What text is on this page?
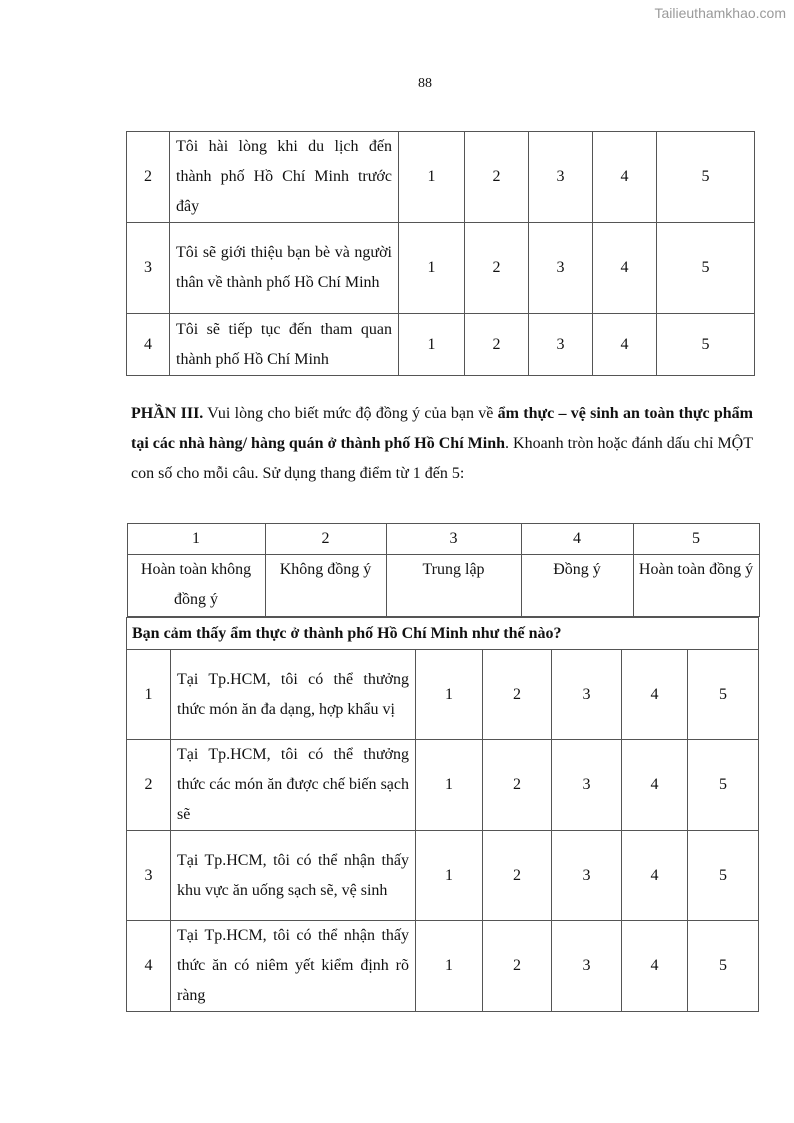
Tailieuthamkhao.com
88
2	Tôi hài lòng khi du lịch đến thành phố Hồ Chí Minh trước đây	1	2	3	4	5
3	Tôi sẽ giới thiệu bạn bè và người thân về thành phố Hồ Chí Minh	1	2	3	4	5
4	Tôi sẽ tiếp tục đến tham quan thành phố Hồ Chí Minh	1	2	3	4	5
PHẦN III. Vui lòng cho biết mức độ đồng ý của bạn về ẩm thực – vệ sinh an toàn thực phẩm tại các nhà hàng/ hàng quán ở thành phố Hồ Chí Minh. Khoanh tròn hoặc đánh dấu chỉ MỘT con số cho mỗi câu. Sử dụng thang điểm từ 1 đến 5:
1	2	3	4	5
Hoàn toàn không đồng ý	Không đồng ý	Trung lập	Đồng ý	Hoàn toàn đồng ý

Bạn cảm thấy ẩm thực ở thành phố Hồ Chí Minh như thế nào?
1	Tại Tp.HCM, tôi có thể thưởng thức món ăn đa dạng, hợp khẩu vị	1	2	3	4	5
2	Tại Tp.HCM, tôi có thể thưởng thức các món ăn được chế biến sạch sẽ	1	2	3	4	5
3	Tại Tp.HCM, tôi có thể nhận thấy khu vực ăn uống sạch sẽ, vệ sinh	1	2	3	4	5
4	Tại Tp.HCM, tôi có thể nhận thấy thức ăn có niêm yết kiểm định rõ ràng	1	2	3	4	5
